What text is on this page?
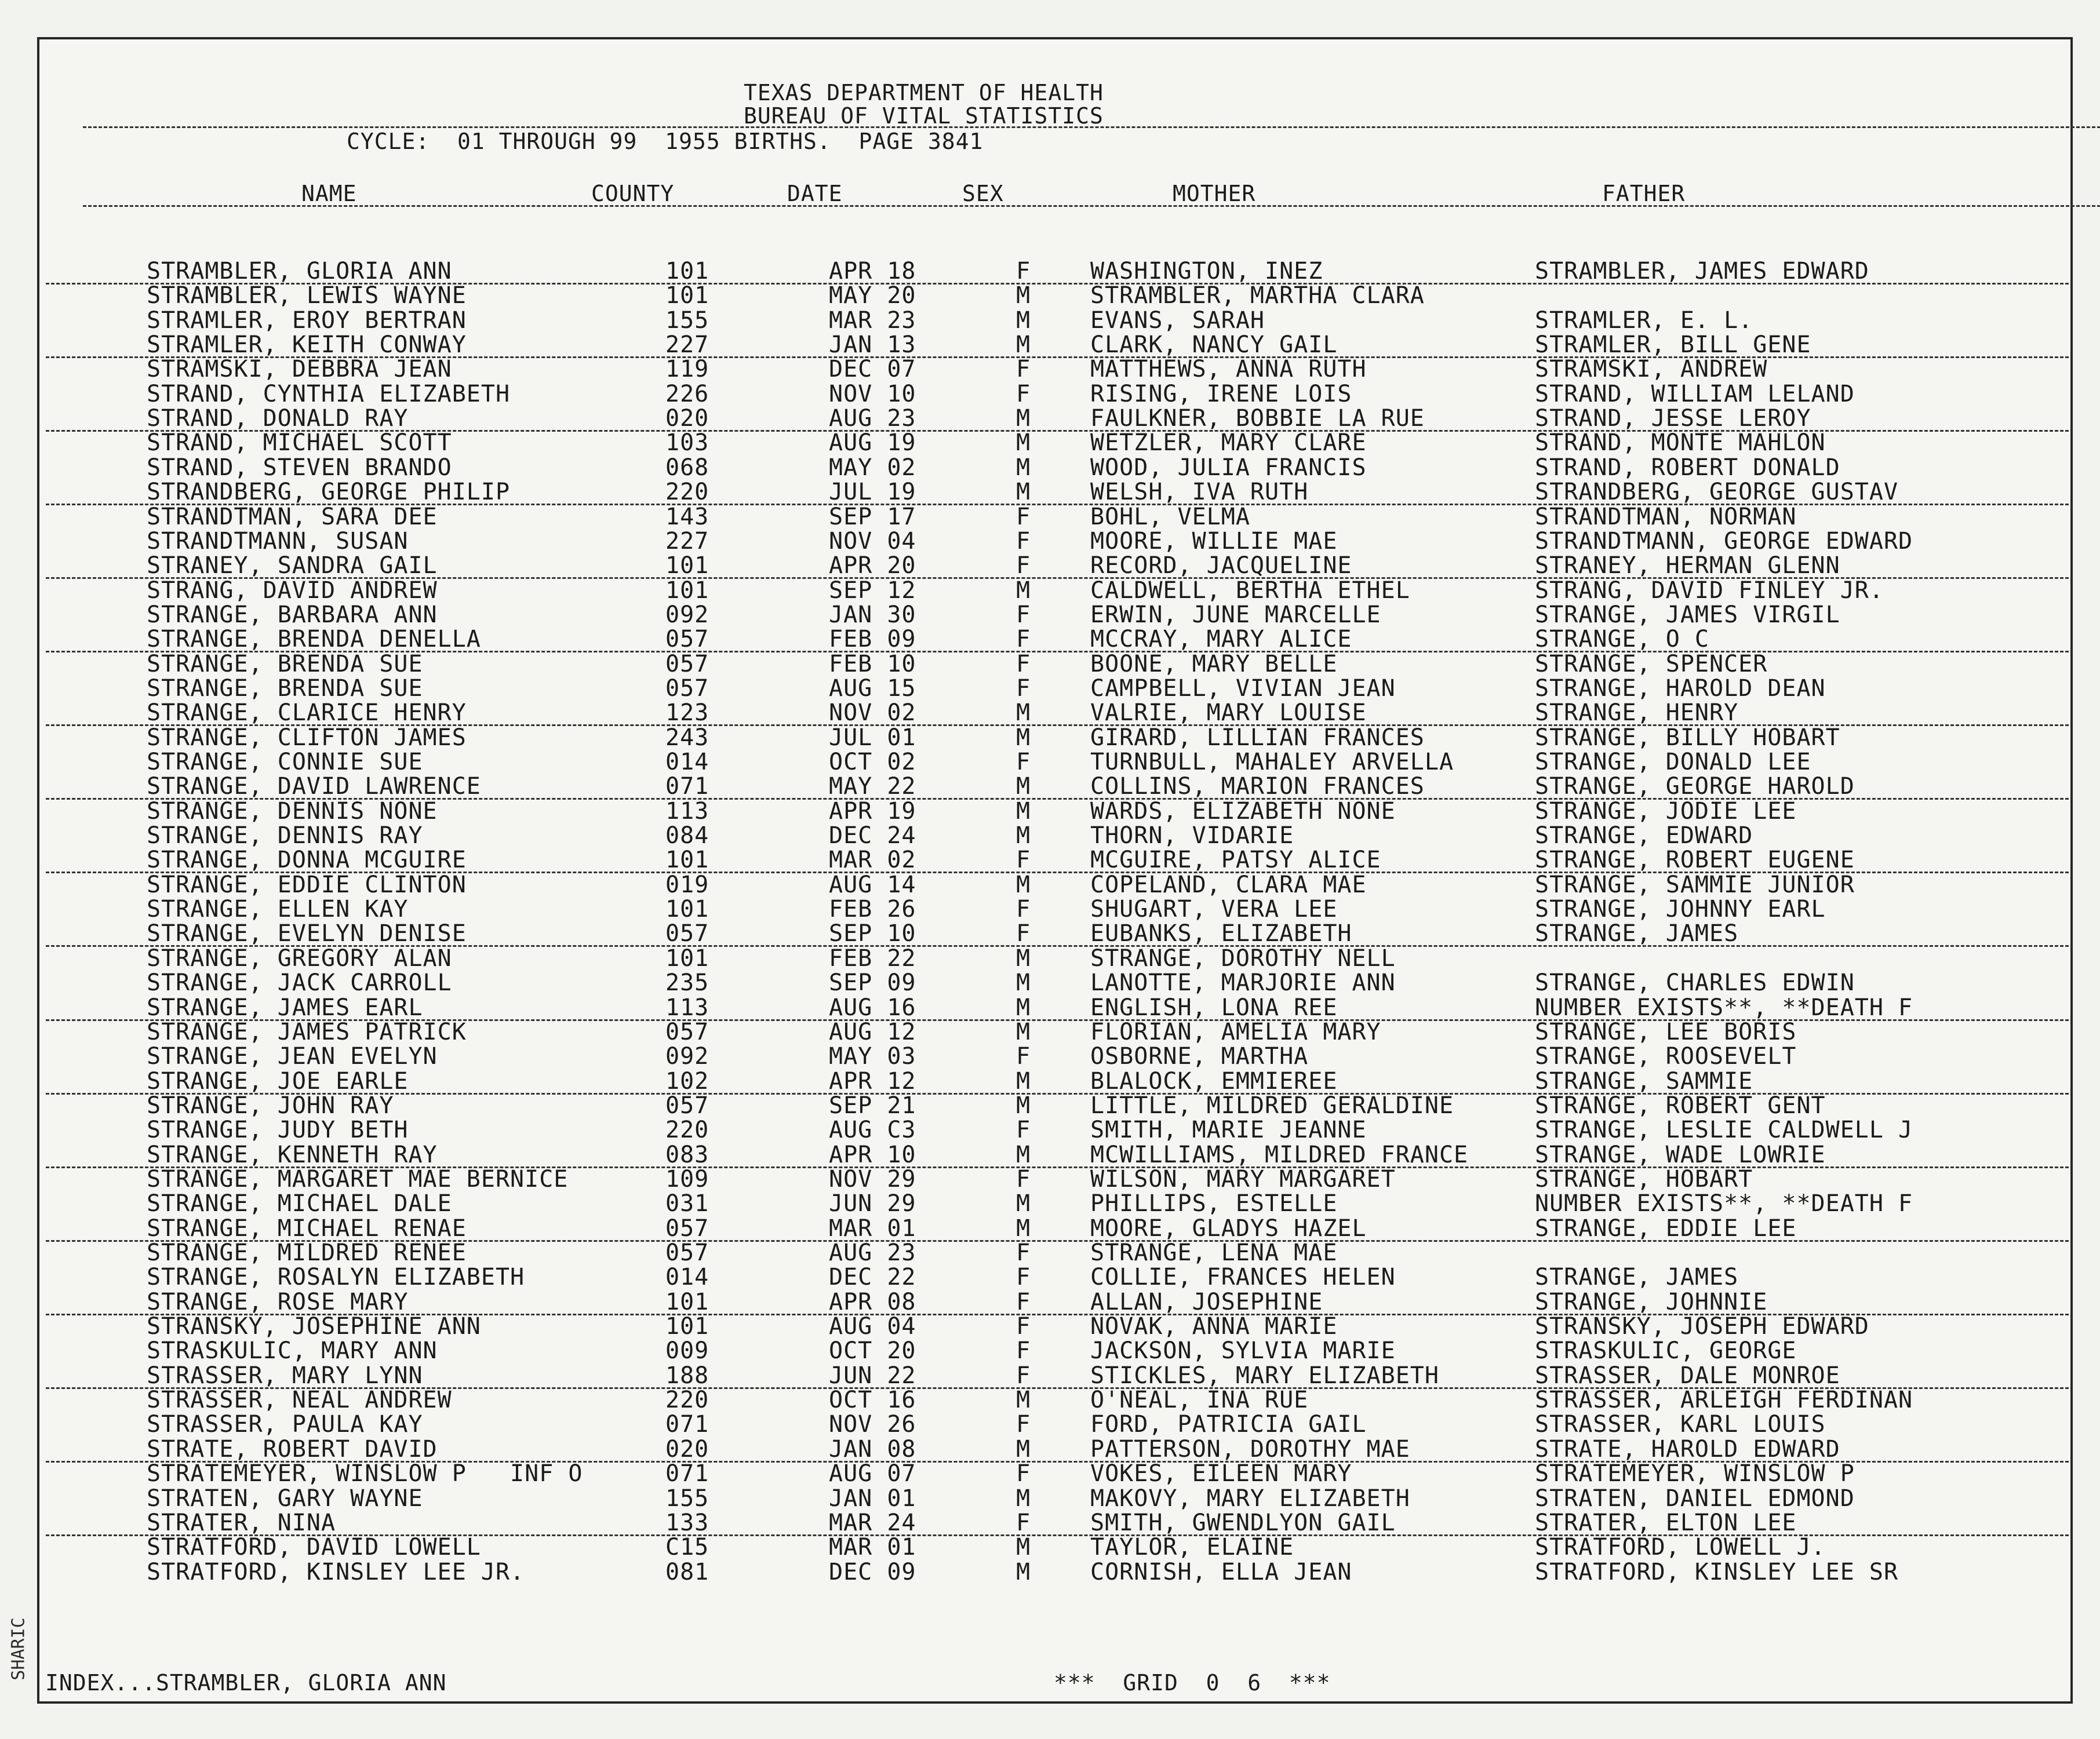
SHARIC
TEXAS DEPARTMENT OF HEALTH
BUREAU OF VITAL STATISTICS
CYCLE:  01 THROUGH 99  1955 BIRTHS.  PAGE 3841
NAME	COUNTY	DATE	SEX	MOTHER	FATHER
STRAMBLER, GLORIA ANN	101	APR 18	F	WASHINGTON, INEZ	STRAMBLER, JAMES EDWARD
STRAMBLER, LEWIS WAYNE	101	MAY 20	M	STRAMBLER, MARTHA CLARA
STRAMLER, EROY BERTRAN	155	MAR 23	M	EVANS, SARAH	STRAMLER, E. L.
STRAMLER, KEITH CONWAY	227	JAN 13	M	CLARK, NANCY GAIL	STRAMLER, BILL GENE
STRAMSKI, DEBBRA JEAN	119	DEC 07	F	MATTHEWS, ANNA RUTH	STRAMSKI, ANDREW
STRAND, CYNTHIA ELIZABETH	226	NOV 10	F	RISING, IRENE LOIS	STRAND, WILLIAM LELAND
STRAND, DONALD RAY	020	AUG 23	M	FAULKNER, BOBBIE LA RUE	STRAND, JESSE LEROY
STRAND, MICHAEL SCOTT	103	AUG 19	M	WETZLER, MARY CLARE	STRAND, MONTE MAHLON
STRAND, STEVEN BRANDO	068	MAY 02	M	WOOD, JULIA FRANCIS	STRAND, ROBERT DONALD
STRANDBERG, GEORGE PHILIP	220	JUL 19	M	WELSH, IVA RUTH	STRANDBERG, GEORGE GUSTAV
STRANDTMAN, SARA DEE	143	SEP 17	F	BOHL, VELMA	STRANDTMAN, NORMAN
STRANDTMANN, SUSAN	227	NOV 04	F	MOORE, WILLIE MAE	STRANDTMANN, GEORGE EDWARD
STRANEY, SANDRA GAIL	101	APR 20	F	RECORD, JACQUELINE	STRANEY, HERMAN GLENN
STRANG, DAVID ANDREW	101	SEP 12	M	CALDWELL, BERTHA ETHEL	STRANG, DAVID FINLEY JR.
STRANGE, BARBARA ANN	092	JAN 30	F	ERWIN, JUNE MARCELLE	STRANGE, JAMES VIRGIL
STRANGE, BRENDA DENELLA	057	FEB 09	F	MCCRAY, MARY ALICE	STRANGE, O C
STRANGE, BRENDA SUE	057	FEB 10	F	BOONE, MARY BELLE	STRANGE, SPENCER
STRANGE, BRENDA SUE	057	AUG 15	F	CAMPBELL, VIVIAN JEAN	STRANGE, HAROLD DEAN
STRANGE, CLARICE HENRY	123	NOV 02	M	VALRIE, MARY LOUISE	STRANGE, HENRY
STRANGE, CLIFTON JAMES	243	JUL 01	M	GIRARD, LILLIAN FRANCES	STRANGE, BILLY HOBART
STRANGE, CONNIE SUE	014	OCT 02	F	TURNBULL, MAHALEY ARVELLA	STRANGE, DONALD LEE
STRANGE, DAVID LAWRENCE	071	MAY 22	M	COLLINS, MARION FRANCES	STRANGE, GEORGE HAROLD
STRANGE, DENNIS NONE	113	APR 19	M	WARDS, ELIZABETH NONE	STRANGE, JODIE LEE
STRANGE, DENNIS RAY	084	DEC 24	M	THORN, VIDARIE	STRANGE, EDWARD
STRANGE, DONNA MCGUIRE	101	MAR 02	F	MCGUIRE, PATSY ALICE	STRANGE, ROBERT EUGENE
STRANGE, EDDIE CLINTON	019	AUG 14	M	COPELAND, CLARA MAE	STRANGE, SAMMIE JUNIOR
STRANGE, ELLEN KAY	101	FEB 26	F	SHUGART, VERA LEE	STRANGE, JOHNNY EARL
STRANGE, EVELYN DENISE	057	SEP 10	F	EUBANKS, ELIZABETH	STRANGE, JAMES
STRANGE, GREGORY ALAN	101	FEB 22	M	STRANGE, DOROTHY NELL
STRANGE, JACK CARROLL	235	SEP 09	M	LANOTTE, MARJORIE ANN	STRANGE, CHARLES EDWIN
STRANGE, JAMES EARL	113	AUG 16	M	ENGLISH, LONA REE	NUMBER EXISTS**, **DEATH F
STRANGE, JAMES PATRICK	057	AUG 12	M	FLORIAN, AMELIA MARY	STRANGE, LEE BORIS
STRANGE, JEAN EVELYN	092	MAY 03	F	OSBORNE, MARTHA	STRANGE, ROOSEVELT
STRANGE, JOE EARLE	102	APR 12	M	BLALOCK, EMMIEREE	STRANGE, SAMMIE
STRANGE, JOHN RAY	057	SEP 21	M	LITTLE, MILDRED GERALDINE	STRANGE, ROBERT GENT
STRANGE, JUDY BETH	220	AUG C3	F	SMITH, MARIE JEANNE	STRANGE, LESLIE CALDWELL J
STRANGE, KENNETH RAY	083	APR 10	M	MCWILLIAMS, MILDRED FRANCE	STRANGE, WADE LOWRIE
STRANGE, MARGARET MAE BERNICE	109	NOV 29	F	WILSON, MARY MARGARET	STRANGE, HOBART
STRANGE, MICHAEL DALE	031	JUN 29	M	PHILLIPS, ESTELLE	NUMBER EXISTS**, **DEATH F
STRANGE, MICHAEL RENAE	057	MAR 01	M	MOORE, GLADYS HAZEL	STRANGE, EDDIE LEE
STRANGE, MILDRED RENEE	057	AUG 23	F	STRANGE, LENA MAE
STRANGE, ROSALYN ELIZABETH	014	DEC 22	F	COLLIE, FRANCES HELEN	STRANGE, JAMES
STRANGE, ROSE MARY	101	APR 08	F	ALLAN, JOSEPHINE	STRANGE, JOHNNIE
STRANSKY, JOSEPHINE ANN	101	AUG 04	F	NOVAK, ANNA MARIE	STRANSKY, JOSEPH EDWARD
STRASKULIC, MARY ANN	009	OCT 20	F	JACKSON, SYLVIA MARIE	STRASKULIC, GEORGE
STRASSER, MARY LYNN	188	JUN 22	F	STICKLES, MARY ELIZABETH	STRASSER, DALE MONROE
STRASSER, NEAL ANDREW	220	OCT 16	M	O'NEAL, INA RUE	STRASSER, ARLEIGH FERDINAN
STRASSER, PAULA KAY	071	NOV 26	F	FORD, PATRICIA GAIL	STRASSER, KARL LOUIS
STRATE, ROBERT DAVID	020	JAN 08	M	PATTERSON, DOROTHY MAE	STRATE, HAROLD EDWARD
STRATEMEYER, WINSLOW P   INF O	071	AUG 07	F	VOKES, EILEEN MARY	STRATEMEYER, WINSLOW P
STRATEN, GARY WAYNE	155	JAN 01	M	MAKOVY, MARY ELIZABETH	STRATEN, DANIEL EDMOND
STRATER, NINA	133	MAR 24	F	SMITH, GWENDLYON GAIL	STRATER, ELTON LEE
STRATFORD, DAVID LOWELL	C15	MAR 01	M	TAYLOR, ELAINE	STRATFORD, LOWELL J.
STRATFORD, KINSLEY LEE JR.	081	DEC 09	M	CORNISH, ELLA JEAN	STRATFORD, KINSLEY LEE SR
INDEX...STRAMBLER, GLORIA ANN	***  GRID  0  6  ***
